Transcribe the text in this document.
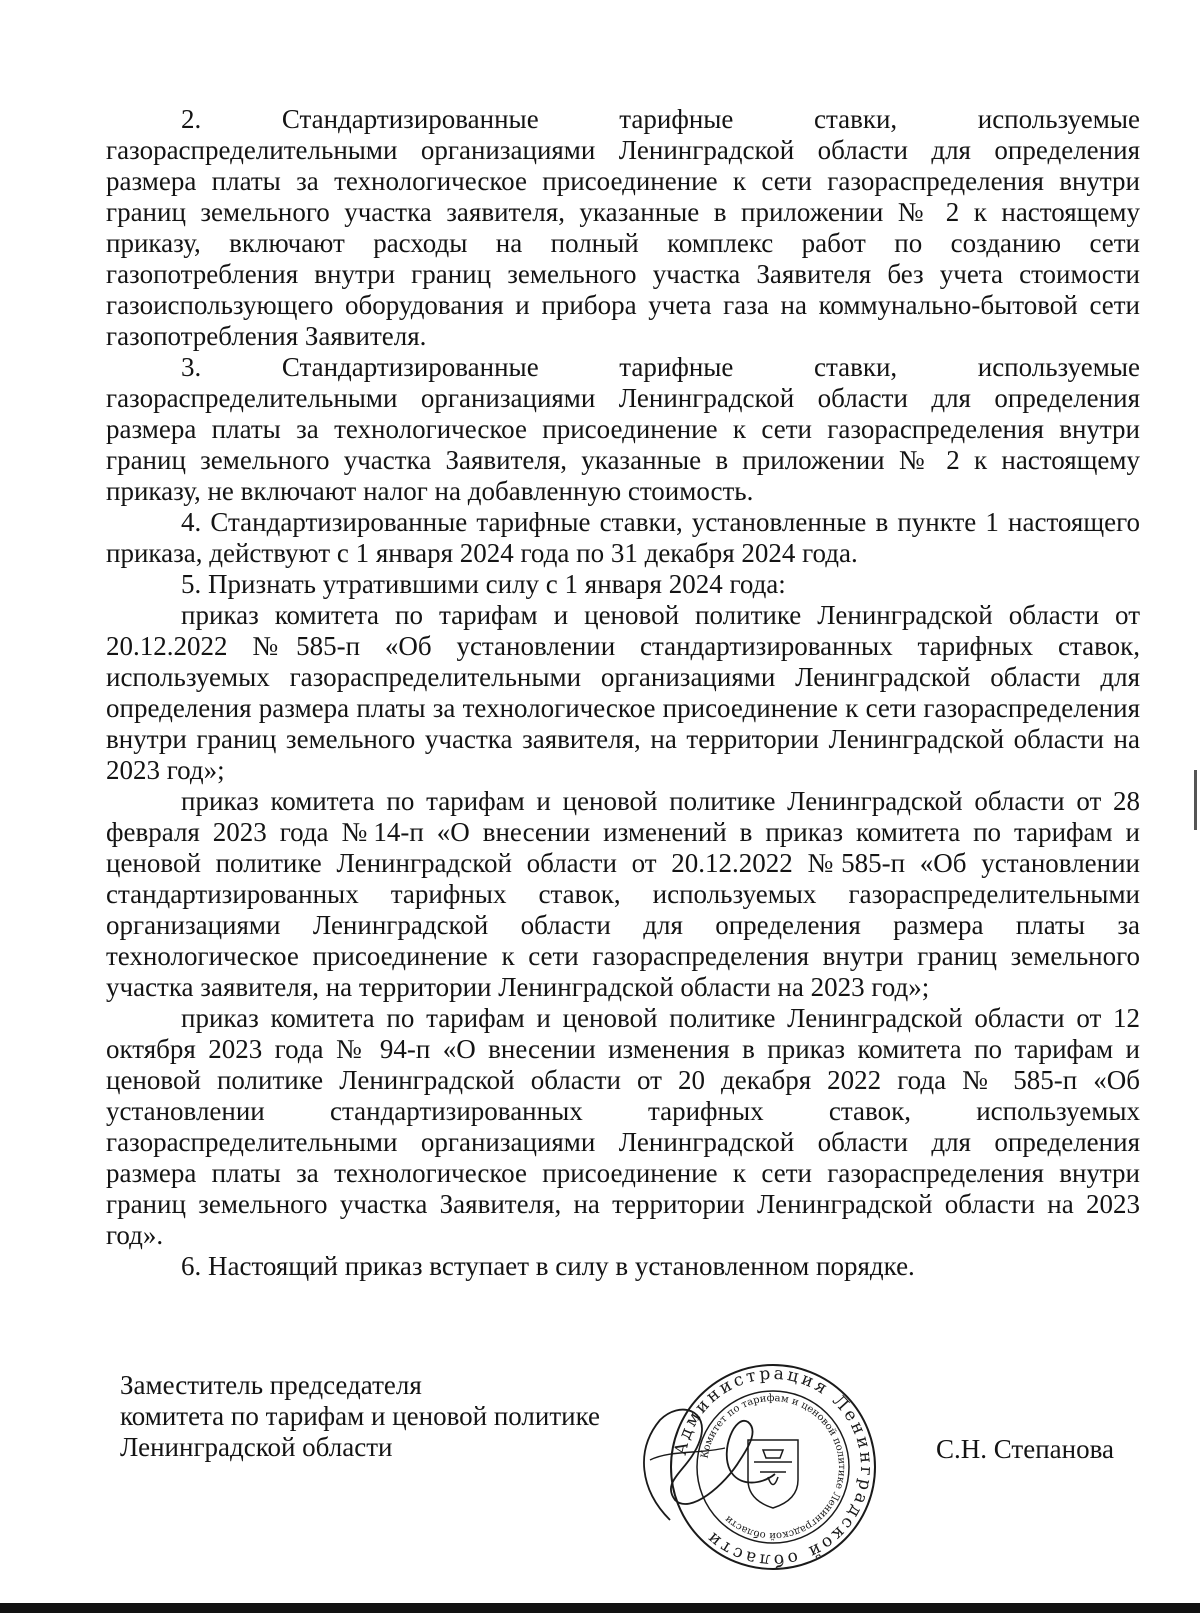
2. Стандартизированные тарифные ставки, используемые газораспределительными организациями Ленинградской области для определения размера платы за технологическое присоединение к сети газораспределения внутри границ земельного участка заявителя, указанные в приложении № 2 к настоящему приказу, включают расходы на полный комплекс работ по созданию сети газопотребления внутри границ земельного участка Заявителя без учета стоимости газоиспользующего оборудования и прибора учета газа на коммунально-бытовой сети газопотребления Заявителя.

3. Стандартизированные тарифные ставки, используемые газораспределительными организациями Ленинградской области для определения размера платы за технологическое присоединение к сети газораспределения внутри границ земельного участка Заявителя, указанные в приложении № 2 к настоящему приказу, не включают налог на добавленную стоимость.

4. Стандартизированные тарифные ставки, установленные в пункте 1 настоящего приказа, действуют с 1 января 2024 года по 31 декабря 2024 года.

5. Признать утратившими силу с 1 января 2024 года:

приказ комитета по тарифам и ценовой политике Ленинградской области от 20.12.2022 №585-п «Об установлении стандартизированных тарифных ставок, используемых газораспределительными организациями Ленинградской области для определения размера платы за технологическое присоединение к сети газораспределения внутри границ земельного участка заявителя, на территории Ленинградской области на 2023 год»;

приказ комитета по тарифам и ценовой политике Ленинградской области от 28 февраля 2023 года №14-п «О внесении изменений в приказ комитета по тарифам и ценовой политике Ленинградской области от 20.12.2022 №585-п «Об установлении стандартизированных тарифных ставок, используемых газораспределительными организациями Ленинградской области для определения размера платы за технологическое присоединение к сети газораспределения внутри границ земельного участка заявителя, на территории Ленинградской области на 2023 год»;

приказ комитета по тарифам и ценовой политике Ленинградской области от 12 октября 2023 года № 94-п «О внесении изменения в приказ комитета по тарифам и ценовой политике Ленинградской области от 20 декабря 2022 года № 585-п «Об установлении стандартизированных тарифных ставок, используемых газораспределительными организациями Ленинградской области для определения размера платы за технологическое присоединение к сети газораспределения внутри границ земельного участка Заявителя, на территории Ленинградской области на 2023 год».

6. Настоящий приказ вступает в силу в установленном порядке.

Заместитель председателя
комитета по тарифам и ценовой политике
Ленинградской области	Администрация Ленинградской области
Комитет по тарифам и ценовой политике Ленинградской области
С.Н. Степанова
